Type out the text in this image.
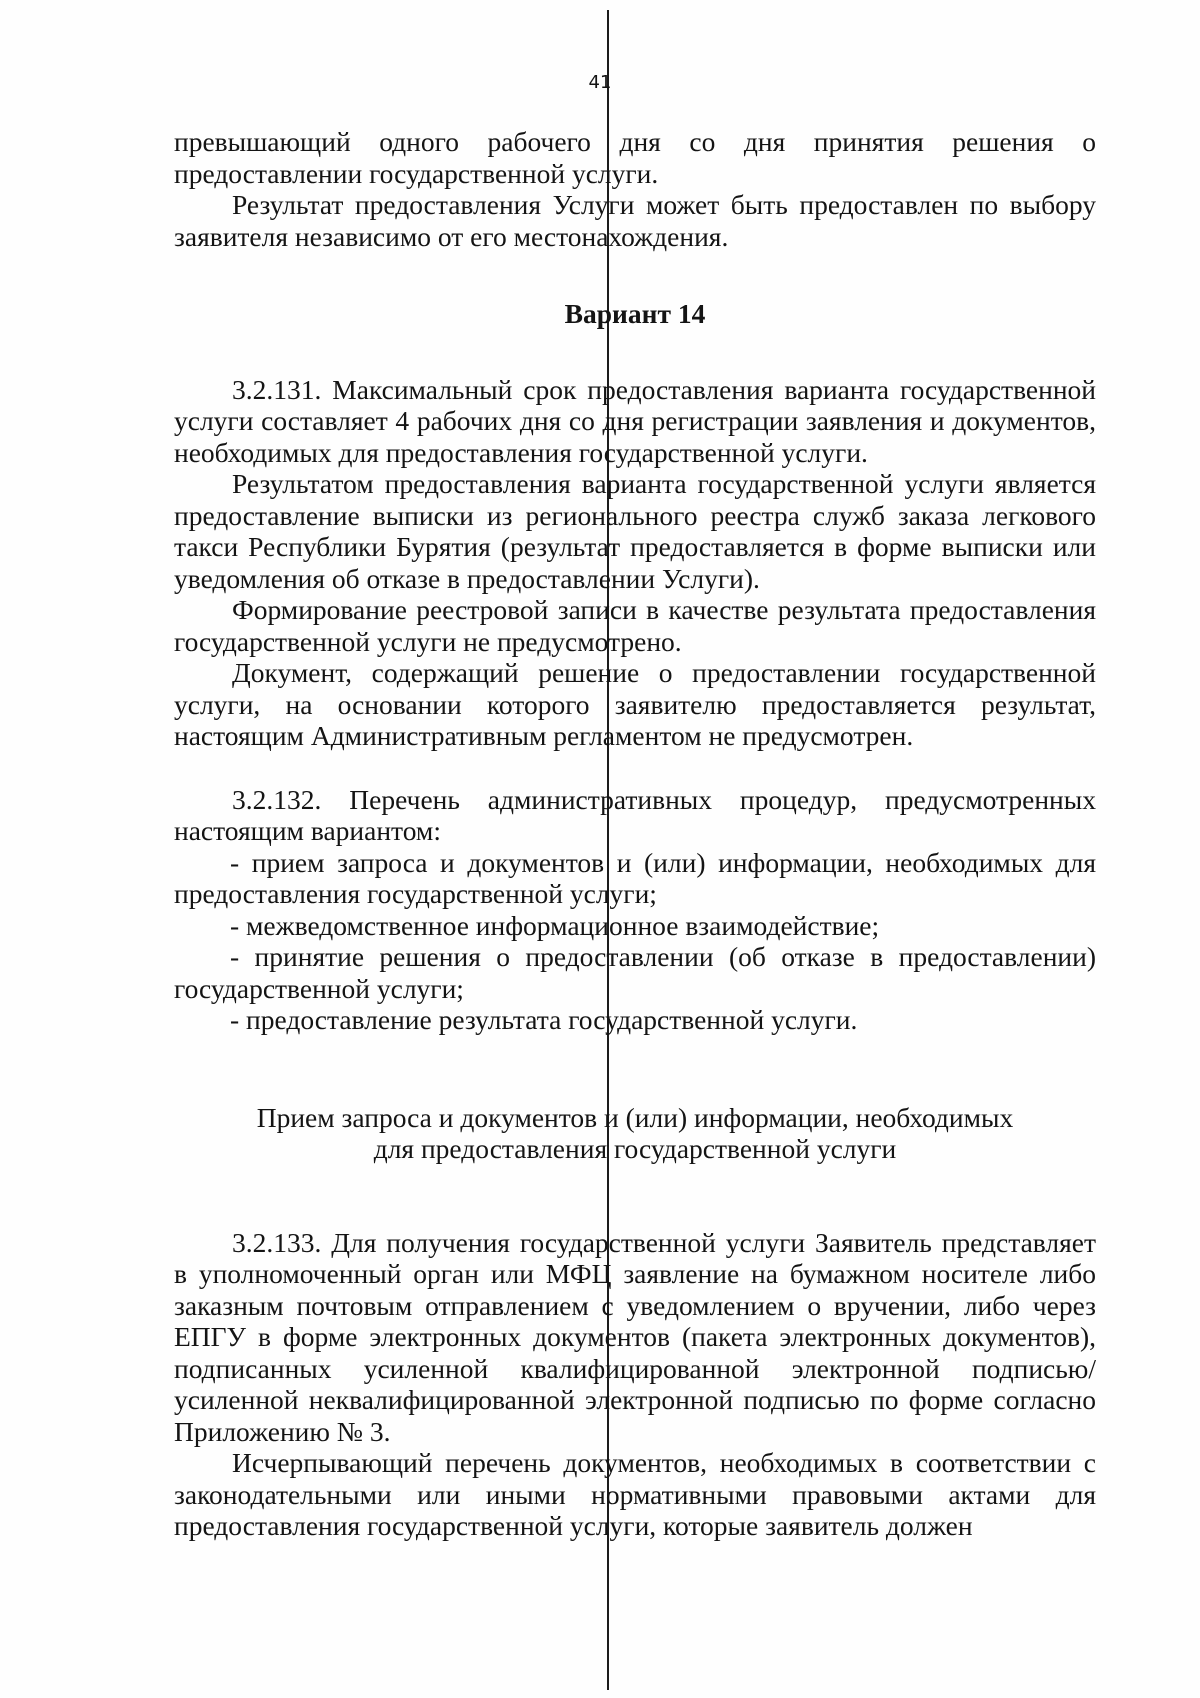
41

превышающий одного рабочего дня со дня принятия решения о предоставлении государственной услуги.

Результат предоставления Услуги может быть предоставлен по выбору заявителя независимо от его местонахождения.

Вариант 14

3.2.131. Максимальный срок предоставления варианта государственной услуги составляет 4 рабочих дня со дня регистрации заявления и документов, необходимых для предоставления государственной услуги.

Результатом предоставления варианта государственной услуги является предоставление выписки из регионального реестра служб заказа легкового такси Республики Бурятия (результат предоставляется в форме выписки или уведомления об отказе в предоставлении Услуги).

Формирование реестровой записи в качестве результата предоставления государственной услуги не предусмотрено.

Документ, содержащий решение о предоставлении государственной услуги, на основании которого заявителю предоставляется результат, настоящим Административным регламентом не предусмотрен.

3.2.132. Перечень административных процедур, предусмотренных настоящим вариантом:

- прием запроса и документов и (или) информации, необходимых для предоставления государственной услуги;

- межведомственное информационное взаимодействие;

- принятие решения о предоставлении (об отказе в предоставлении) государственной услуги;

- предоставление результата государственной услуги.

Прием запроса и документов и (или) информации, необходимых

для предоставления государственной услуги

3.2.133. Для получения государственной услуги Заявитель представляет в уполномоченный орган или МФЦ заявление на бумажном носителе либо заказным почтовым отправлением с уведомлением о вручении, либо через ЕПГУ в форме электронных документов (пакета электронных документов), подписанных усиленной квалифицированной электронной подписью/усиленной неквалифицированной электронной подписью по форме согласно Приложению № 3.

Исчерпывающий перечень документов, необходимых в соответствии с законодательными или иными нормативными правовыми актами для предоставления государственной услуги, которые заявитель должен
